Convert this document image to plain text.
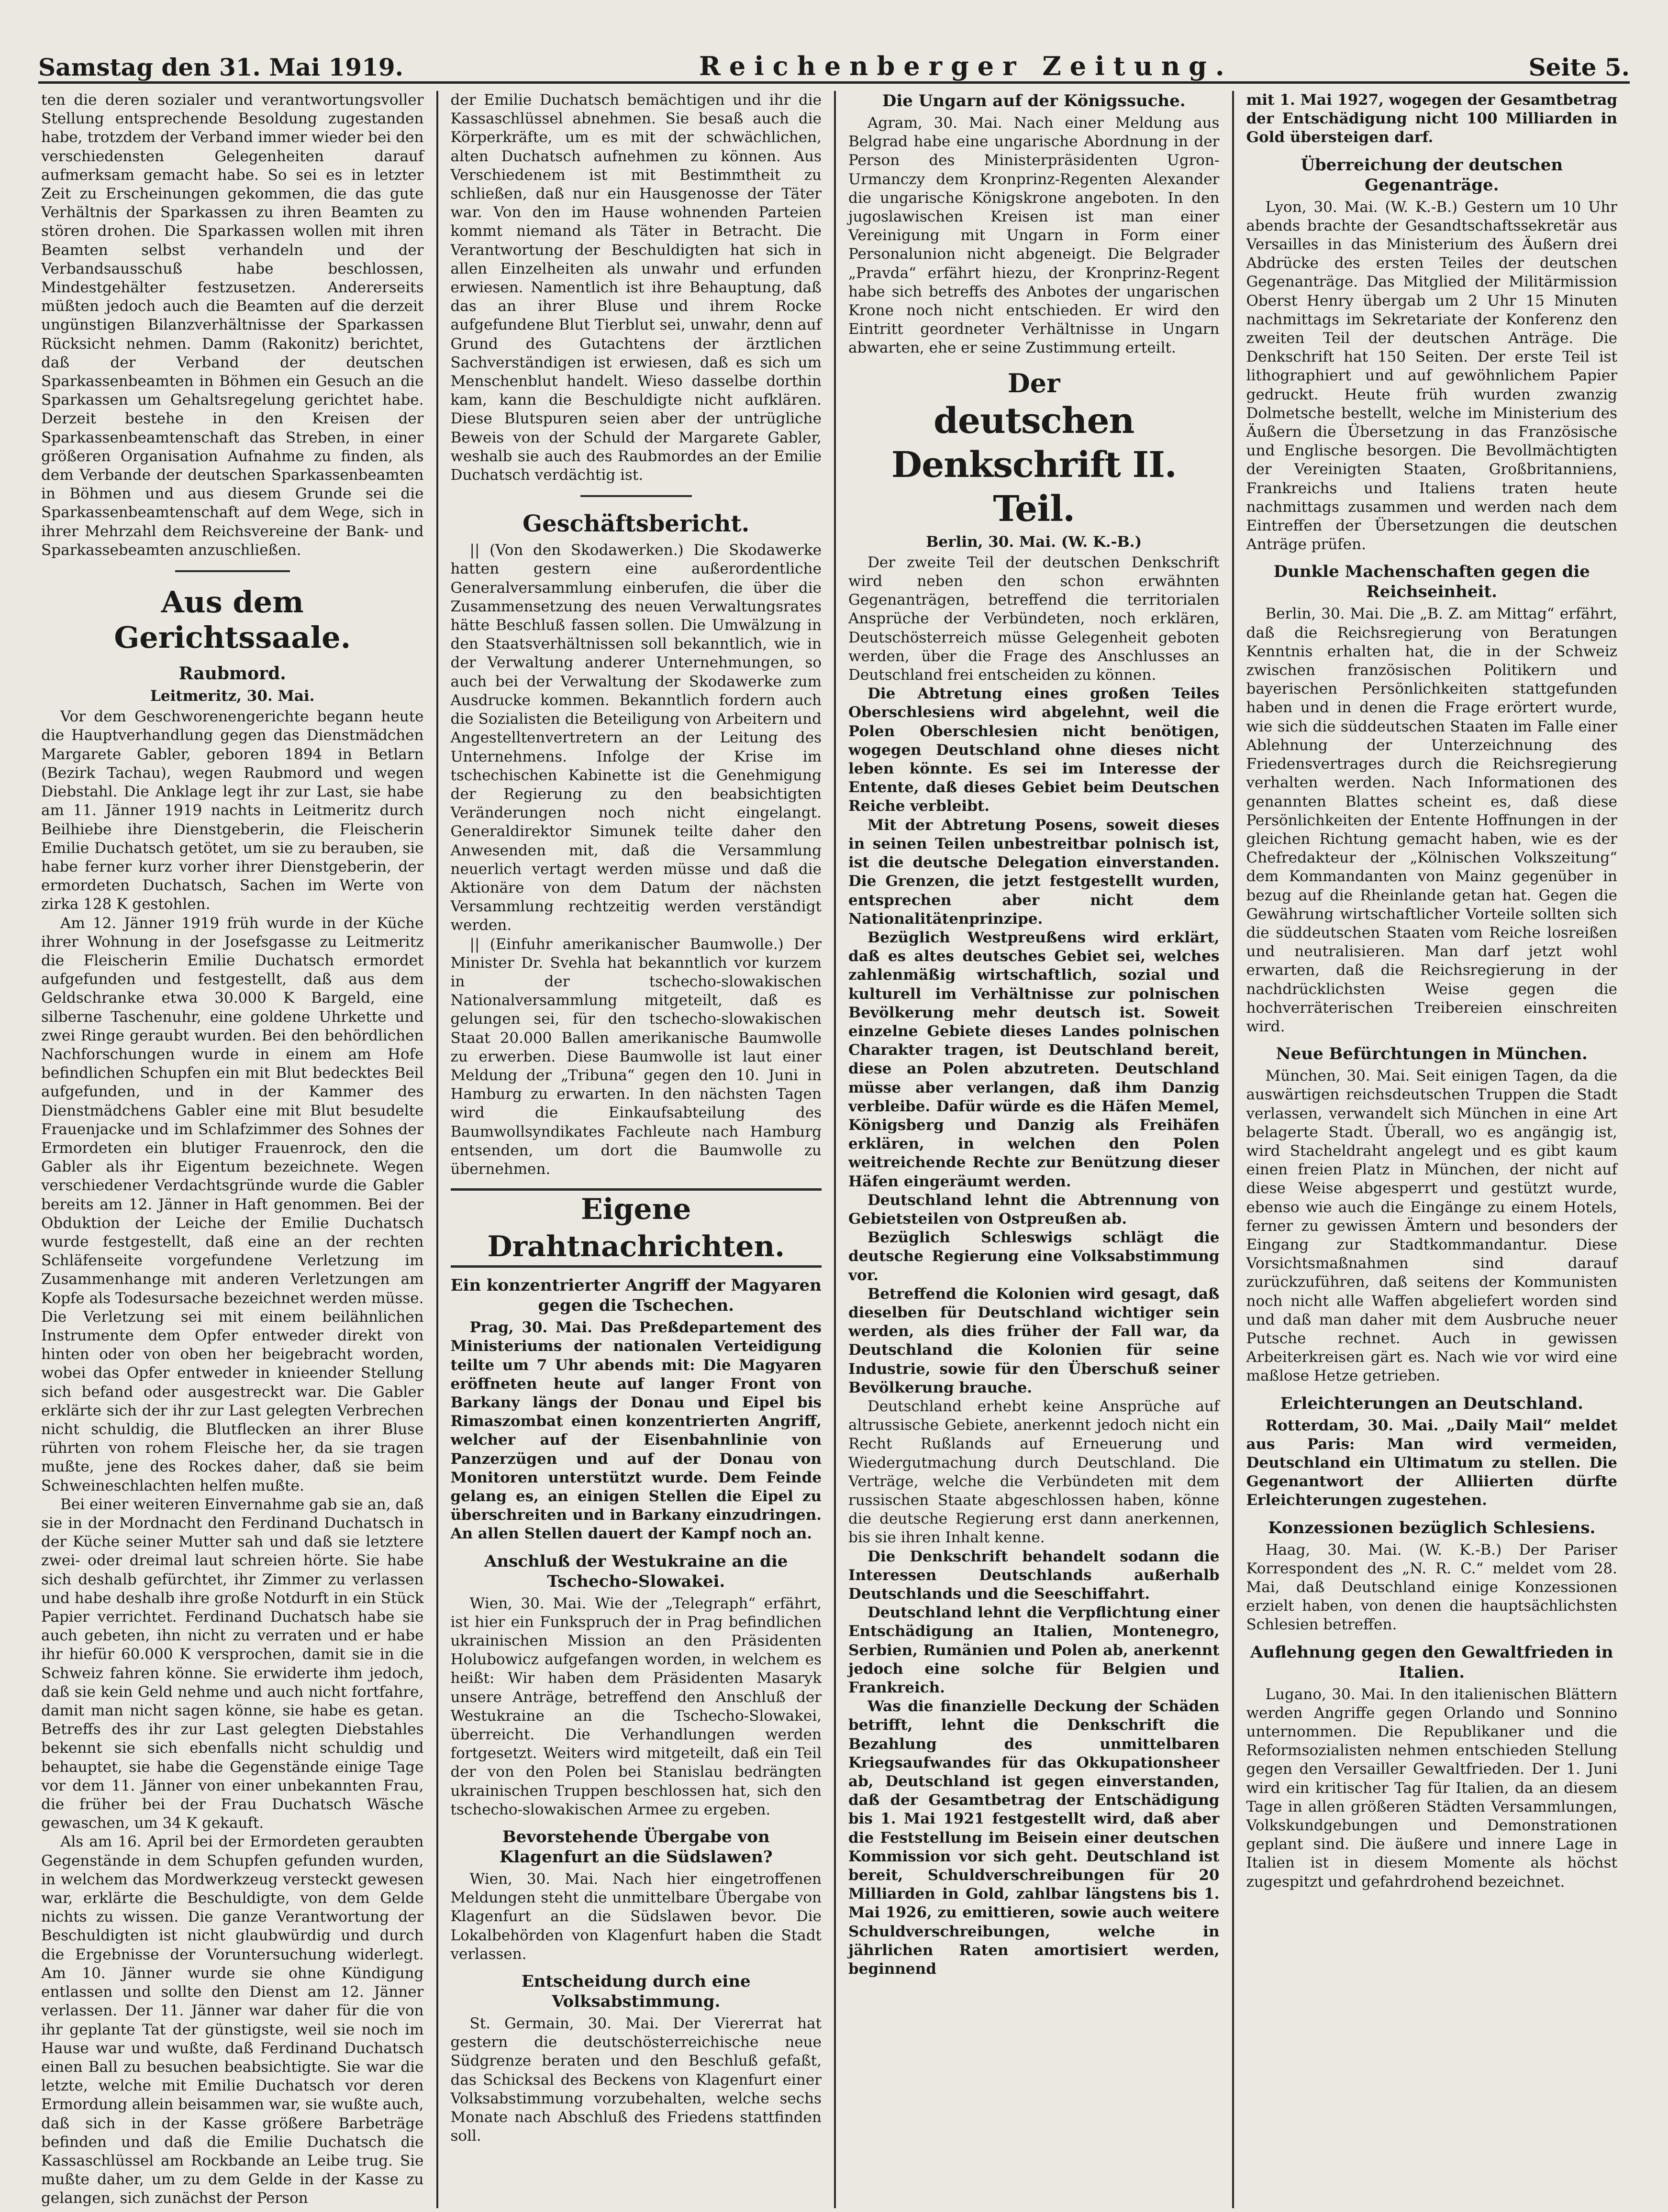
Samstag den 31. Mai 1919.	Reichenberger Zeitung.	Seite 5.

ten die deren sozialer und verantwortungsvoller Stellung entsprechende Besoldung zugestanden habe, trotzdem der Verband immer wieder bei den verschiedensten Gelegenheiten darauf aufmerksam gemacht habe. So sei es in letzter Zeit zu Erscheinungen gekommen, die das gute Verhältnis der Sparkassen zu ihren Beamten zu stören drohen. Die Sparkassen wollen mit ihren Beamten selbst verhandeln und der Verbandsausschuß habe beschlossen, Mindestgehälter festzusetzen. Andererseits müßten jedoch auch die Beamten auf die derzeit ungünstigen Bilanzverhältnisse der Sparkassen Rücksicht nehmen. Damm (Rakonitz) berichtet, daß der Verband der deutschen Sparkassenbeamten in Böhmen ein Gesuch an die Sparkassen um Gehaltsregelung gerichtet habe. Derzeit bestehe in den Kreisen der Sparkassenbeamtenschaft das Streben, in einer größeren Organisation Aufnahme zu finden, als dem Verbande der deutschen Sparkassenbeamten in Böhmen und aus diesem Grunde sei die Sparkassenbeamtenschaft auf dem Wege, sich in ihrer Mehrzahl dem Reichsvereine der Bank- und Sparkassebeamten anzuschließen.

Aus dem Gerichtssaale.
Raubmord.
Leitmeritz, 30. Mai.

Vor dem Geschworenengerichte begann heute die Hauptverhandlung gegen das Dienstmädchen Margarete Gabler, geboren 1894 in Betlarn (Bezirk Tachau), wegen Raubmord und wegen Diebstahl. Die Anklage legt ihr zur Last, sie habe am 11. Jänner 1919 nachts in Leitmeritz durch Beilhiebe ihre Dienstgeberin, die Fleischerin Emilie Duchatsch getötet, um sie zu berauben, sie habe ferner kurz vorher ihrer Dienstgeberin, der ermordeten Duchatsch, Sachen im Werte von zirka 128 K gestohlen.

Am 12. Jänner 1919 früh wurde in der Küche ihrer Wohnung in der Josefsgasse zu Leitmeritz die Fleischerin Emilie Duchatsch ermordet aufgefunden und festgestellt, daß aus dem Geldschranke etwa 30.000 K Bargeld, eine silberne Taschenuhr, eine goldene Uhrkette und zwei Ringe geraubt wurden. Bei den behördlichen Nachforschungen wurde in einem am Hofe befindlichen Schupfen ein mit Blut bedecktes Beil aufgefunden, und in der Kammer des Dienstmädchens Gabler eine mit Blut besudelte Frauenjacke und im Schlafzimmer des Sohnes der Ermordeten ein blutiger Frauenrock, den die Gabler als ihr Eigentum bezeichnete. Wegen verschiedener Verdachtsgründe wurde die Gabler bereits am 12. Jänner in Haft genommen. Bei der Obduktion der Leiche der Emilie Duchatsch wurde festgestellt, daß eine an der rechten Schläfenseite vorgefundene Verletzung im Zusammenhange mit anderen Verletzungen am Kopfe als Todesursache bezeichnet werden müsse. Die Verletzung sei mit einem beilähnlichen Instrumente dem Opfer entweder direkt von hinten oder von oben her beigebracht worden, wobei das Opfer entweder in knieender Stellung sich befand oder ausgestreckt war. Die Gabler erklärte sich der ihr zur Last gelegten Verbrechen nicht schuldig, die Blutflecken an ihrer Bluse rührten von rohem Fleische her, da sie tragen mußte, jene des Rockes daher, daß sie beim Schweineschlachten helfen mußte.

Bei einer weiteren Einvernahme gab sie an, daß sie in der Mordnacht den Ferdinand Duchatsch in der Küche seiner Mutter sah und daß sie letztere zwei- oder dreimal laut schreien hörte. Sie habe sich deshalb gefürchtet, ihr Zimmer zu verlassen und habe deshalb ihre große Notdurft in ein Stück Papier verrichtet. Ferdinand Duchatsch habe sie auch gebeten, ihn nicht zu verraten und er habe ihr hiefür 60.000 K versprochen, damit sie in die Schweiz fahren könne. Sie erwiderte ihm jedoch, daß sie kein Geld nehme und auch nicht fortfahre, damit man nicht sagen könne, sie habe es getan. Betreffs des ihr zur Last gelegten Diebstahles bekennt sie sich ebenfalls nicht schuldig und behauptet, sie habe die Gegenstände einige Tage vor dem 11. Jänner von einer unbekannten Frau, die früher bei der Frau Duchatsch Wäsche gewaschen, um 34 K gekauft.

Als am 16. April bei der Ermordeten geraubten Gegenstände in dem Schupfen gefunden wurden, in welchem das Mordwerkzeug versteckt gewesen war, erklärte die Beschuldigte, von dem Gelde nichts zu wissen. Die ganze Verantwortung der Beschuldigten ist nicht glaubwürdig und durch die Ergebnisse der Voruntersuchung widerlegt. Am 10. Jänner wurde sie ohne Kündigung entlassen und sollte den Dienst am 12. Jänner verlassen. Der 11. Jänner war daher für die von ihr geplante Tat der günstigste, weil sie noch im Hause war und wußte, daß Ferdinand Duchatsch einen Ball zu besuchen beabsichtigte. Sie war die letzte, welche mit Emilie Duchatsch vor deren Ermordung allein beisammen war, sie wußte auch, daß sich in der Kasse größere Barbeträge befinden und daß die Emilie Duchatsch die Kassaschlüssel am Rockbande an Leibe trug. Sie mußte daher, um zu dem Gelde in der Kasse zu gelangen, sich zunächst der Person

der Emilie Duchatsch bemächtigen und ihr die Kassaschlüssel abnehmen. Sie besaß auch die Körperkräfte, um es mit der schwächlichen, alten Duchatsch aufnehmen zu können. Aus Verschiedenem ist mit Bestimmtheit zu schließen, daß nur ein Hausgenosse der Täter war. Von den im Hause wohnenden Parteien kommt niemand als Täter in Betracht. Die Verantwortung der Beschuldigten hat sich in allen Einzelheiten als unwahr und erfunden erwiesen. Namentlich ist ihre Behauptung, daß das an ihrer Bluse und ihrem Rocke aufgefundene Blut Tierblut sei, unwahr, denn auf Grund des Gutachtens der ärztlichen Sachverständigen ist erwiesen, daß es sich um Menschenblut handelt. Wieso dasselbe dorthin kam, kann die Beschuldigte nicht aufklären. Diese Blutspuren seien aber der untrügliche Beweis von der Schuld der Margarete Gabler, weshalb sie auch des Raubmordes an der Emilie Duchatsch verdächtig ist.

Geschäftsbericht.

|| (Von den Skodawerken.) Die Skodawerke hatten gestern eine außerordentliche Generalversammlung einberufen, die über die Zusammensetzung des neuen Verwaltungsrates hätte Beschluß fassen sollen. Die Umwälzung in den Staatsverhältnissen soll bekanntlich, wie in der Verwaltung anderer Unternehmungen, so auch bei der Verwaltung der Skodawerke zum Ausdrucke kommen. Bekanntlich fordern auch die Sozialisten die Beteiligung von Arbeitern und Angestelltenvertretern an der Leitung des Unternehmens. Infolge der Krise im tschechischen Kabinette ist die Genehmigung der Regierung zu den beabsichtigten Veränderungen noch nicht eingelangt. Generaldirektor Simunek teilte daher den Anwesenden mit, daß die Versammlung neuerlich vertagt werden müsse und daß die Aktionäre von dem Datum der nächsten Versammlung rechtzeitig werden verständigt werden.

|| (Einfuhr amerikanischer Baumwolle.) Der Minister Dr. Svehla hat bekanntlich vor kurzem in der tschecho-slowakischen Nationalversammlung mitgeteilt, daß es gelungen sei, für den tschecho-slowakischen Staat 20.000 Ballen amerikanische Baumwolle zu erwerben. Diese Baumwolle ist laut einer Meldung der „Tribuna“ gegen den 10. Juni in Hamburg zu erwarten. In den nächsten Tagen wird die Einkaufsabteilung des Baumwollsyndikates Fachleute nach Hamburg entsenden, um dort die Baumwolle zu übernehmen.

Eigene Drahtnachrichten.
Ein konzentrierter Angriff der Magyaren gegen die Tschechen.

Prag, 30. Mai. Das Preßdepartement des Ministeriums der nationalen Verteidigung teilte um 7 Uhr abends mit: Die Magyaren eröffneten heute auf langer Front von Barkany längs der Donau und Eipel bis Rimaszombat einen konzentrierten Angriff, welcher auf der Eisenbahnlinie von Panzerzügen und auf der Donau von Monitoren unterstützt wurde. Dem Feinde gelang es, an einigen Stellen die Eipel zu überschreiten und in Barkany einzudringen. An allen Stellen dauert der Kampf noch an.

Anschluß der Westukraine an die Tschecho-Slowakei.

Wien, 30. Mai. Wie der „Telegraph“ erfährt, ist hier ein Funkspruch der in Prag befindlichen ukrainischen Mission an den Präsidenten Holubowicz aufgefangen worden, in welchem es heißt: Wir haben dem Präsidenten Masaryk unsere Anträge, betreffend den Anschluß der Westukraine an die Tschecho-Slowakei, überreicht. Die Verhandlungen werden fortgesetzt. Weiters wird mitgeteilt, daß ein Teil der von den Polen bei Stanislau bedrängten ukrainischen Truppen beschlossen hat, sich den tschecho-slowakischen Armee zu ergeben.

Bevorstehende Übergabe von Klagenfurt an die Südslawen?

Wien, 30. Mai. Nach hier eingetroffenen Meldungen steht die unmittelbare Übergabe von Klagenfurt an die Südslawen bevor. Die Lokalbehörden von Klagenfurt haben die Stadt verlassen.

Entscheidung durch eine Volksabstimmung.

St. Germain, 30. Mai. Der Viererrat hat gestern die deutschösterreichische neue Südgrenze beraten und den Beschluß gefaßt, das Schicksal des Beckens von Klagenfurt einer Volksabstimmung vorzubehalten, welche sechs Monate nach Abschluß des Friedens stattfinden soll.

Die Ungarn auf der Königssuche.

Agram, 30. Mai. Nach einer Meldung aus Belgrad habe eine ungarische Abordnung in der Person des Ministerpräsidenten Ugron-Urmanczy dem Kronprinz-Regenten Alexander die ungarische Königskrone angeboten. In den jugoslawischen Kreisen ist man einer Vereinigung mit Ungarn in Form einer Personalunion nicht abgeneigt. Die Belgrader „Pravda“ erfährt hiezu, der Kronprinz-Regent habe sich betreffs des Anbotes der ungarischen Krone noch nicht entschieden. Er wird den Eintritt geordneter Verhältnisse in Ungarn abwarten, ehe er seine Zustimmung erteilt.

Der
deutschen Denkschrift II. Teil.
Berlin, 30. Mai. (W. K.-B.)

Der zweite Teil der deutschen Denkschrift wird neben den schon erwähnten Gegenanträgen, betreffend die territorialen Ansprüche der Verbündeten, noch erklären, Deutschösterreich müsse Gelegenheit geboten werden, über die Frage des Anschlusses an Deutschland frei entscheiden zu können.

Die Abtretung eines großen Teiles Oberschlesiens wird abgelehnt, weil die Polen Oberschlesien nicht benötigen, wogegen Deutschland ohne dieses nicht leben könnte. Es sei im Interesse der Entente, daß dieses Gebiet beim Deutschen Reiche verbleibt.

Mit der Abtretung Posens, soweit dieses in seinen Teilen unbestreitbar polnisch ist, ist die deutsche Delegation einverstanden. Die Grenzen, die jetzt festgestellt wurden, entsprechen aber nicht dem Nationalitätenprinzipe.

Bezüglich Westpreußens wird erklärt, daß es altes deutsches Gebiet sei, welches zahlenmäßig wirtschaftlich, sozial und kulturell im Verhältnisse zur polnischen Bevölkerung mehr deutsch ist. Soweit einzelne Gebiete dieses Landes polnischen Charakter tragen, ist Deutschland bereit, diese an Polen abzutreten. Deutschland müsse aber verlangen, daß ihm Danzig verbleibe. Dafür würde es die Häfen Memel, Königsberg und Danzig als Freihäfen erklären, in welchen den Polen weitreichende Rechte zur Benützung dieser Häfen eingeräumt werden.

Deutschland lehnt die Abtrennung von Gebietsteilen von Ostpreußen ab.

Bezüglich Schleswigs schlägt die deutsche Regierung eine Volksabstimmung vor.

Betreffend die Kolonien wird gesagt, daß dieselben für Deutschland wichtiger sein werden, als dies früher der Fall war, da Deutschland die Kolonien für seine Industrie, sowie für den Überschuß seiner Bevölkerung brauche.

Deutschland erhebt keine Ansprüche auf altrussische Gebiete, anerkennt jedoch nicht ein Recht Rußlands auf Erneuerung und Wiedergutmachung durch Deutschland. Die Verträge, welche die Verbündeten mit dem russischen Staate abgeschlossen haben, könne die deutsche Regierung erst dann anerkennen, bis sie ihren Inhalt kenne.

Die Denkschrift behandelt sodann die Interessen Deutschlands außerhalb Deutschlands und die Seeschiffahrt.

Deutschland lehnt die Verpflichtung einer Entschädigung an Italien, Montenegro, Serbien, Rumänien und Polen ab, anerkennt jedoch eine solche für Belgien und Frankreich.

Was die finanzielle Deckung der Schäden betrifft, lehnt die Denkschrift die Bezahlung des unmittelbaren Kriegsaufwandes für das Okkupationsheer ab, Deutschland ist gegen einverstanden, daß der Gesamtbetrag der Entschädigung bis 1. Mai 1921 festgestellt wird, daß aber die Feststellung im Beisein einer deutschen Kommission vor sich geht. Deutschland ist bereit, Schuldverschreibungen für 20 Milliarden in Gold, zahlbar längstens bis 1. Mai 1926, zu emittieren, sowie auch weitere Schuldverschreibungen, welche in jährlichen Raten amortisiert werden, beginnend

mit 1. Mai 1927, wogegen der Gesamtbetrag der Entschädigung nicht 100 Milliarden in Gold übersteigen darf.

Überreichung der deutschen Gegenanträge.

Lyon, 30. Mai. (W. K.-B.) Gestern um 10 Uhr abends brachte der Gesandtschaftssekretär aus Versailles in das Ministerium des Äußern drei Abdrücke des ersten Teiles der deutschen Gegenanträge. Das Mitglied der Militärmission Oberst Henry übergab um 2 Uhr 15 Minuten nachmittags im Sekretariate der Konferenz den zweiten Teil der deutschen Anträge. Die Denkschrift hat 150 Seiten. Der erste Teil ist lithographiert und auf gewöhnlichem Papier gedruckt. Heute früh wurden zwanzig Dolmetsche bestellt, welche im Ministerium des Äußern die Übersetzung in das Französische und Englische besorgen. Die Bevollmächtigten der Vereinigten Staaten, Großbritanniens, Frankreichs und Italiens traten heute nachmittags zusammen und werden nach dem Eintreffen der Übersetzungen die deutschen Anträge prüfen.

Dunkle Machenschaften gegen die Reichseinheit.

Berlin, 30. Mai. Die „B. Z. am Mittag“ erfährt, daß die Reichsregierung von Beratungen Kenntnis erhalten hat, die in der Schweiz zwischen französischen Politikern und bayerischen Persönlichkeiten stattgefunden haben und in denen die Frage erörtert wurde, wie sich die süddeutschen Staaten im Falle einer Ablehnung der Unterzeichnung des Friedensvertrages durch die Reichsregierung verhalten werden. Nach Informationen des genannten Blattes scheint es, daß diese Persönlichkeiten der Entente Hoffnungen in der gleichen Richtung gemacht haben, wie es der Chefredakteur der „Kölnischen Volkszeitung“ dem Kommandanten von Mainz gegenüber in bezug auf die Rheinlande getan hat. Gegen die Gewährung wirtschaftlicher Vorteile sollten sich die süddeutschen Staaten vom Reiche losreißen und neutralisieren. Man darf jetzt wohl erwarten, daß die Reichsregierung in der nachdrücklichsten Weise gegen die hochverräterischen Treibereien einschreiten wird.

Neue Befürchtungen in München.

München, 30. Mai. Seit einigen Tagen, da die auswärtigen reichsdeutschen Truppen die Stadt verlassen, verwandelt sich München in eine Art belagerte Stadt. Überall, wo es angängig ist, wird Stacheldraht angelegt und es gibt kaum einen freien Platz in München, der nicht auf diese Weise abgesperrt und gestützt wurde, ebenso wie auch die Eingänge zu einem Hotels, ferner zu gewissen Ämtern und besonders der Eingang zur Stadtkommandantur. Diese Vorsichtsmaßnahmen sind darauf zurückzuführen, daß seitens der Kommunisten noch nicht alle Waffen abgeliefert worden sind und daß man daher mit dem Ausbruche neuer Putsche rechnet. Auch in gewissen Arbeiterkreisen gärt es. Nach wie vor wird eine maßlose Hetze getrieben.

Erleichterungen an Deutschland.

Rotterdam, 30. Mai. „Daily Mail“ meldet aus Paris: Man wird vermeiden, Deutschland ein Ultimatum zu stellen. Die Gegenantwort der Alliierten dürfte Erleichterungen zugestehen.

Konzessionen bezüglich Schlesiens.

Haag, 30. Mai. (W. K.-B.) Der Pariser Korrespondent des „N. R. C.“ meldet vom 28. Mai, daß Deutschland einige Konzessionen erzielt haben, von denen die hauptsächlichsten Schlesien betreffen.

Auflehnung gegen den Gewaltfrieden in Italien.

Lugano, 30. Mai. In den italienischen Blättern werden Angriffe gegen Orlando und Sonnino unternommen. Die Republikaner und die Reformsozialisten nehmen entschieden Stellung gegen den Versailler Gewaltfrieden. Der 1. Juni wird ein kritischer Tag für Italien, da an diesem Tage in allen größeren Städten Versammlungen, Volkskundgebungen und Demonstrationen geplant sind. Die äußere und innere Lage in Italien ist in diesem Momente als höchst zugespitzt und gefahrdrohend bezeichnet.
